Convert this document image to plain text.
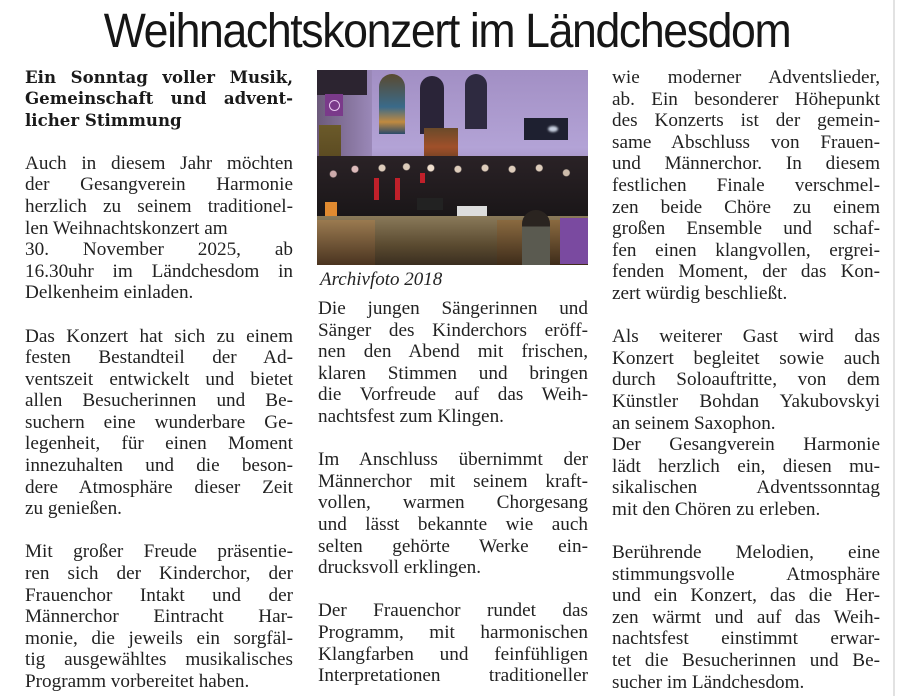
Weihnachtskonzert im Ländchesdom
Ein Sonntag voller Musik,
Gemeinschaft und advent-
licher Stimmung
Auch in diesem Jahr möchten
der Gesangverein Harmonie
herzlich zu seinem traditionel-
len Weihnachtskonzert am
30. November 2025, ab
16.30uhr im Ländchesdom in
Delkenheim einladen.
Das Konzert hat sich zu einem
festen Bestandteil der Ad-
ventszeit entwickelt und bietet
allen Besucherinnen und Be-
suchern eine wunderbare Ge-
legenheit, für einen Moment
innezuhalten und die beson-
dere Atmosphäre dieser Zeit
zu genießen.
Mit großer Freude präsentie-
ren sich der Kinderchor, der
Frauenchor Intakt und der
Männerchor Eintracht Har-
monie, die jeweils ein sorgfäl-
tig ausgewähltes musikalisches
Programm vorbereitet haben.
Archivfoto 2018
Die jungen Sängerinnen und
Sänger des Kinderchors eröff-
nen den Abend mit frischen,
klaren Stimmen und bringen
die Vorfreude auf das Weih-
nachtsfest zum Klingen.
Im Anschluss übernimmt der
Männerchor mit seinem kraft-
vollen, warmen Chorgesang
und lässt bekannte wie auch
selten gehörte Werke ein-
drucksvoll erklingen.
Der Frauenchor rundet das
Programm, mit harmonischen
Klangfarben und feinfühligen
Interpretationen traditioneller
wie moderner Adventslieder,
ab. Ein besonderer Höhepunkt
des Konzerts ist der gemein-
same Abschluss von Frauen-
und Männerchor. In diesem
festlichen Finale verschmel-
zen beide Chöre zu einem
großen Ensemble und schaf-
fen einen klangvollen, ergrei-
fenden Moment, der das Kon-
zert würdig beschließt.
Als weiterer Gast wird das
Konzert begleitet sowie auch
durch Soloauftritte, von dem
Künstler Bohdan Yakubovskyi
an seinem Saxophon.
Der Gesangverein Harmonie
lädt herzlich ein, diesen mu-
sikalischen Adventssonntag
mit den Chören zu erleben.
Berührende Melodien, eine
stimmungsvolle Atmosphäre
und ein Konzert, das die Her-
zen wärmt und auf das Weih-
nachtsfest einstimmt erwar-
tet die Besucherinnen und Be-
sucher im Ländchesdom.
